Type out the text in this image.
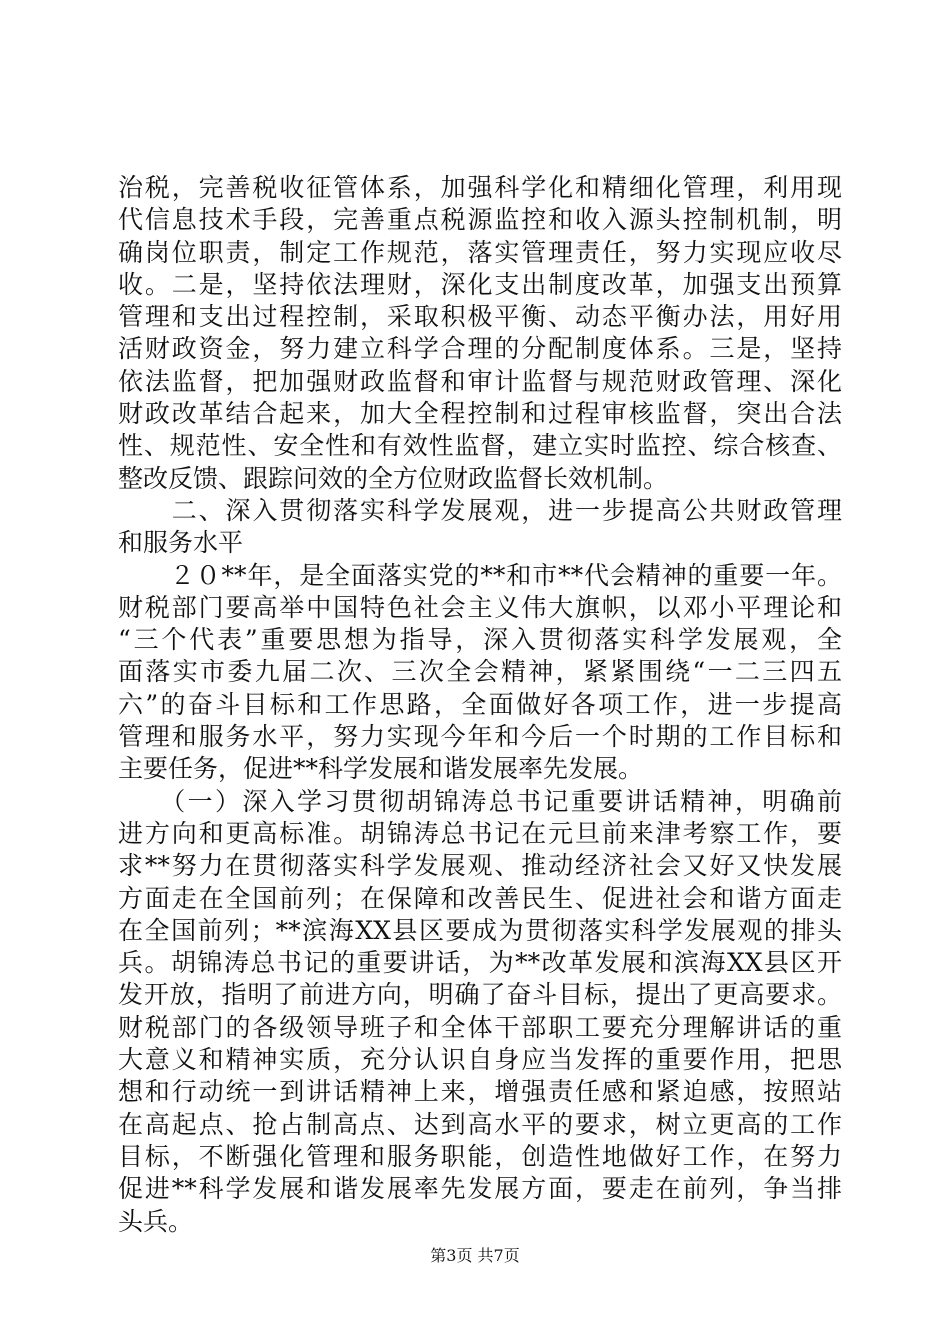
治税，完善税收征管体系，加强科学化和精细化管理，利用现
代信息技术手段，完善重点税源监控和收入源头控制机制，明
确岗位职责，制定工作规范，落实管理责任，努力实现应收尽
收。二是，坚持依法理财，深化支出制度改革，加强支出预算
管理和支出过程控制，采取积极平衡、动态平衡办法，用好用
活财政资金，努力建立科学合理的分配制度体系。三是，坚持
依法监督，把加强财政监督和审计监督与规范财政管理、深化
财政改革结合起来，加大全程控制和过程审核监督，突出合法
性、规范性、安全性和有效性监督，建立实时监控、综合核查、
整改反馈、跟踪问效的全方位财政监督长效机制。
　　二、深入贯彻落实科学发展观，进一步提高公共财政管理
和服务水平
　　２０**年，是全面落实党的**和市**代会精神的重要一年。
财税部门要高举中国特色社会主义伟大旗帜，以邓小平理论和
“三个代表”重要思想为指导，深入贯彻落实科学发展观，全
面落实市委九届二次、三次全会精神，紧紧围绕“一二三四五
六”的奋斗目标和工作思路，全面做好各项工作，进一步提高
管理和服务水平，努力实现今年和今后一个时期的工作目标和
主要任务，促进**科学发展和谐发展率先发展。
　　（一）深入学习贯彻胡锦涛总书记重要讲话精神，明确前
进方向和更高标准。胡锦涛总书记在元旦前来津考察工作，要
求**努力在贯彻落实科学发展观、推动经济社会又好又快发展
方面走在全国前列；在保障和改善民生、促进社会和谐方面走
在全国前列；**滨海XX县区要成为贯彻落实科学发展观的排头
兵。胡锦涛总书记的重要讲话，为**改革发展和滨海XX县区开
发开放，指明了前进方向，明确了奋斗目标，提出了更高要求。
财税部门的各级领导班子和全体干部职工要充分理解讲话的重
大意义和精神实质，充分认识自身应当发挥的重要作用，把思
想和行动统一到讲话精神上来，增强责任感和紧迫感，按照站
在高起点、抢占制高点、达到高水平的要求，树立更高的工作
目标，不断强化管理和服务职能，创造性地做好工作，在努力
促进**科学发展和谐发展率先发展方面，要走在前列，争当排
头兵。
第3页 共7页
